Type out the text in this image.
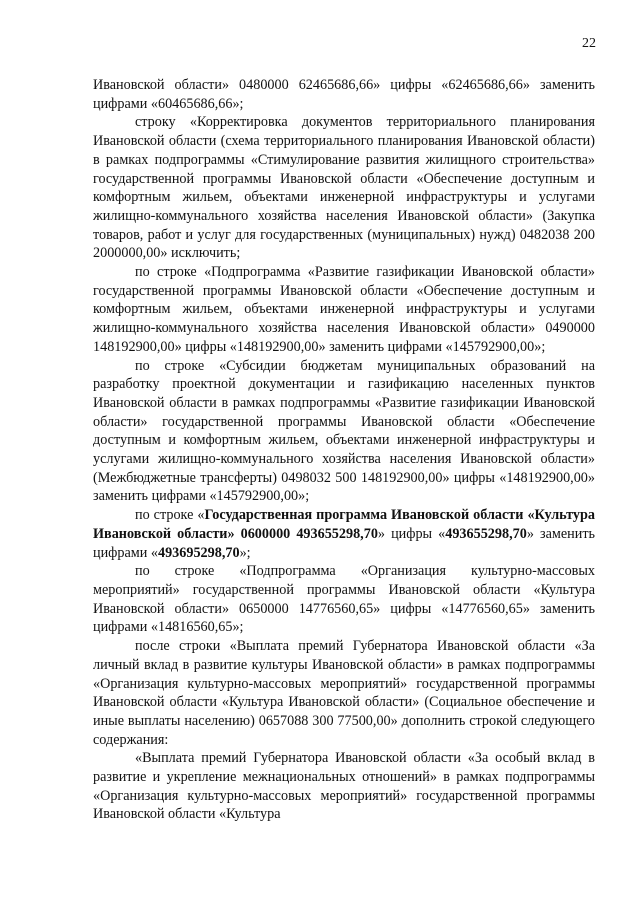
22

Ивановской области» 0480000 62465686,66» цифры «62465686,66» заменить цифрами «60465686,66»;

строку «Корректировка документов территориального планирования Ивановской области (схема территориального планирования Ивановской области) в рамках подпрограммы «Стимулирование развития жилищного строительства» государственной программы Ивановской области «Обеспечение доступным и комфортным жильем, объектами инженерной инфраструктуры и услугами жилищно-коммунального хозяйства населения Ивановской области» (Закупка товаров, работ и услуг для государственных (муниципальных) нужд) 0482038 200 2000000,00» исключить;

по строке «Подпрограмма «Развитие газификации Ивановской области» государственной программы Ивановской области «Обеспечение доступным и комфортным жильем, объектами инженерной инфраструктуры и услугами жилищно-коммунального хозяйства населения Ивановской области» 0490000 148192900,00» цифры «148192900,00» заменить цифрами «145792900,00»;

по строке «Субсидии бюджетам муниципальных образований на разработку проектной документации и газификацию населенных пунктов Ивановской области в рамках подпрограммы «Развитие газификации Ивановской области» государственной программы Ивановской области «Обеспечение доступным и комфортным жильем, объектами инженерной инфраструктуры и услугами жилищно-коммунального хозяйства населения Ивановской области» (Межбюджетные трансферты) 0498032 500 148192900,00» цифры «148192900,00» заменить цифрами «145792900,00»;

по строке «Государственная программа Ивановской области «Культура Ивановской области» 0600000 493655298,70» цифры «493655298,70» заменить цифрами «493695298,70»;

по строке «Подпрограмма «Организация культурно-массовых мероприятий» государственной программы Ивановской области «Культура Ивановской области» 0650000 14776560,65» цифры «14776560,65» заменить цифрами «14816560,65»;

после строки «Выплата премий Губернатора Ивановской области «За личный вклад в развитие культуры Ивановской области» в рамках подпрограммы «Организация культурно-массовых мероприятий» государственной программы Ивановской области «Культура Ивановской области» (Социальное обеспечение и иные выплаты населению) 0657088 300 77500,00» дополнить строкой следующего содержания:

«Выплата премий Губернатора Ивановской области «За особый вклад в развитие и укрепление межнациональных отношений» в рамках подпрограммы «Организация культурно-массовых мероприятий» государственной программы Ивановской области «Культура
